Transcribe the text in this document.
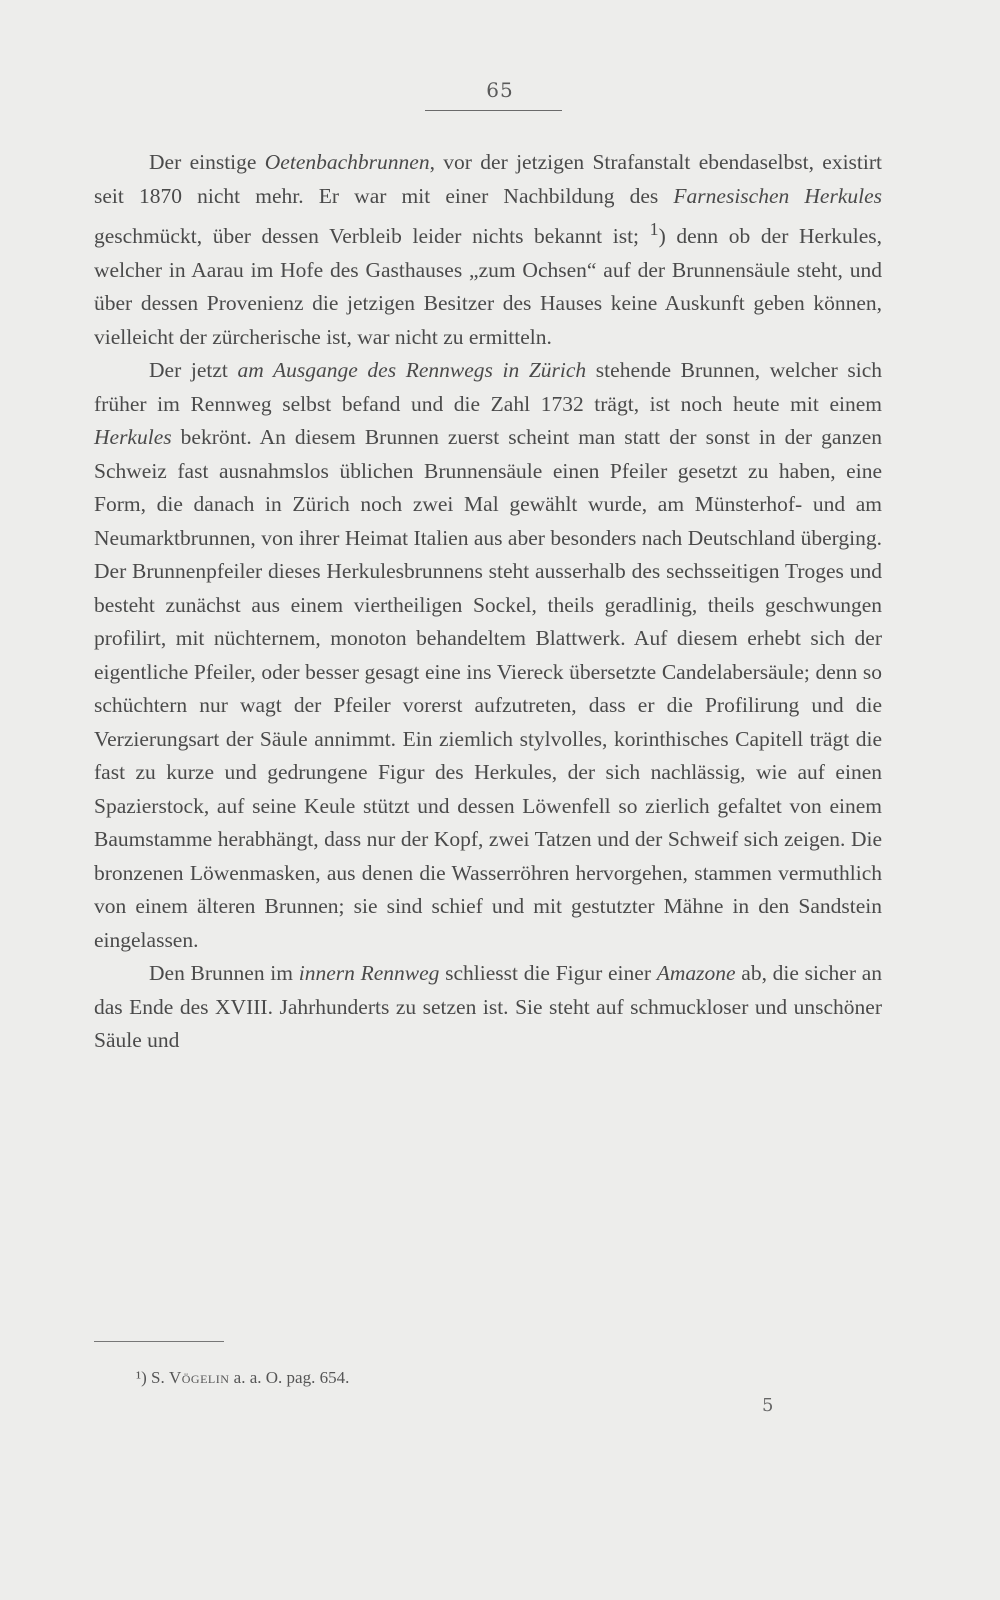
65

Der einstige Oetenbachbrunnen, vor der jetzigen Strafanstalt ebendaselbst, existirt seit 1870 nicht mehr. Er war mit einer Nachbildung des Farnesischen Herkules geschmückt, über dessen Verbleib leider nichts bekannt ist; $^1$) denn ob der Herkules, welcher in Aarau im Hofe des Gasthauses „zum Ochsen“ auf der Brunnensäule steht, und über dessen Provenienz die jetzigen Besitzer des Hauses keine Auskunft geben können, vielleicht der zürcherische ist, war nicht zu ermitteln.

Der jetzt am Ausgange des Rennwegs in Zürich stehende Brunnen, welcher sich früher im Rennweg selbst befand und die Zahl 1732 trägt, ist noch heute mit einem Herkules bekrönt. An diesem Brunnen zuerst scheint man statt der sonst in der ganzen Schweiz fast ausnahmslos üblichen Brunnensäule einen Pfeiler gesetzt zu haben, eine Form, die danach in Zürich noch zwei Mal gewählt wurde, am Münsterhof- und am Neumarktbrunnen, von ihrer Heimat Italien aus aber besonders nach Deutschland überging. Der Brunnenpfeiler dieses Herkulesbrunnens steht ausserhalb des sechsseitigen Troges und besteht zunächst aus einem viertheiligen Sockel, theils geradlinig, theils geschwungen profilirt, mit nüchternem, monoton behandeltem Blattwerk. Auf diesem erhebt sich der eigentliche Pfeiler, oder besser gesagt eine ins Viereck übersetzte Candelabersäule; denn so schüchtern nur wagt der Pfeiler vorerst aufzutreten, dass er die Profilirung und die Verzierungsart der Säule annimmt. Ein ziemlich stylvolles, korinthisches Capitell trägt die fast zu kurze und gedrungene Figur des Herkules, der sich nachlässig, wie auf einen Spazierstock, auf seine Keule stützt und dessen Löwenfell so zierlich gefaltet von einem Baumstamme herabhängt, dass nur der Kopf, zwei Tatzen und der Schweif sich zeigen. Die bronzenen Löwenmasken, aus denen die Wasserröhren hervorgehen, stammen vermuthlich von einem älteren Brunnen; sie sind schief und mit gestutzter Mähne in den Sandstein eingelassen.

Den Brunnen im innern Rennweg schliesst die Figur einer Amazone ab, die sicher an das Ende des XVIII. Jahrhunderts zu setzen ist. Sie steht auf schmuckloser und unschöner Säule und

¹) S. Vögelin a. a. O. pag. 654.
5
